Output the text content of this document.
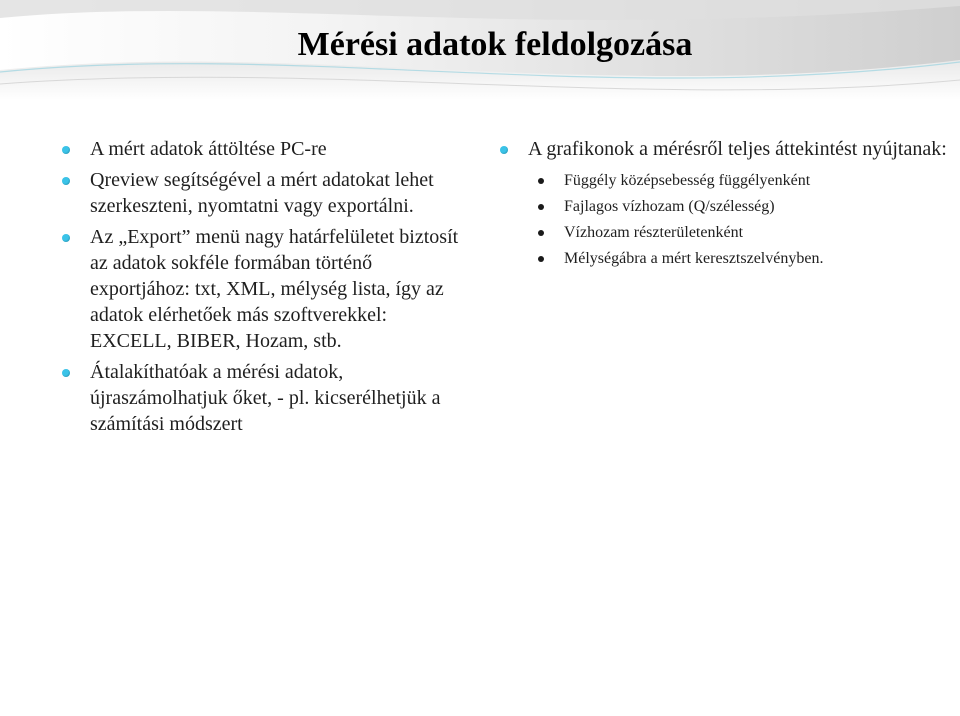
Mérési adatok feldolgozása
A mért adatok áttöltése PC-re
Qreview segítségével a mért adatokat lehet szerkeszteni, nyomtatni vagy exportálni.
Az „Export” menü nagy határfelületet biztosít az adatok sokféle formában történő exportjához: txt, XML, mélység lista, így az adatok elérhetőek más szoftverekkel: EXCELL, BIBER, Hozam, stb.
Átalakíthatóak a mérési adatok, újraszámolhatjuk őket, - pl. kicserélhetjük a számítási módszert
A grafikonok a mérésről teljes áttekintést nyújtanak:
Függély középsebesség függélyenként
Fajlagos vízhozam (Q/szélesség)
Vízhozam részterületenként
Mélységábra a mért keresztszelvényben.
